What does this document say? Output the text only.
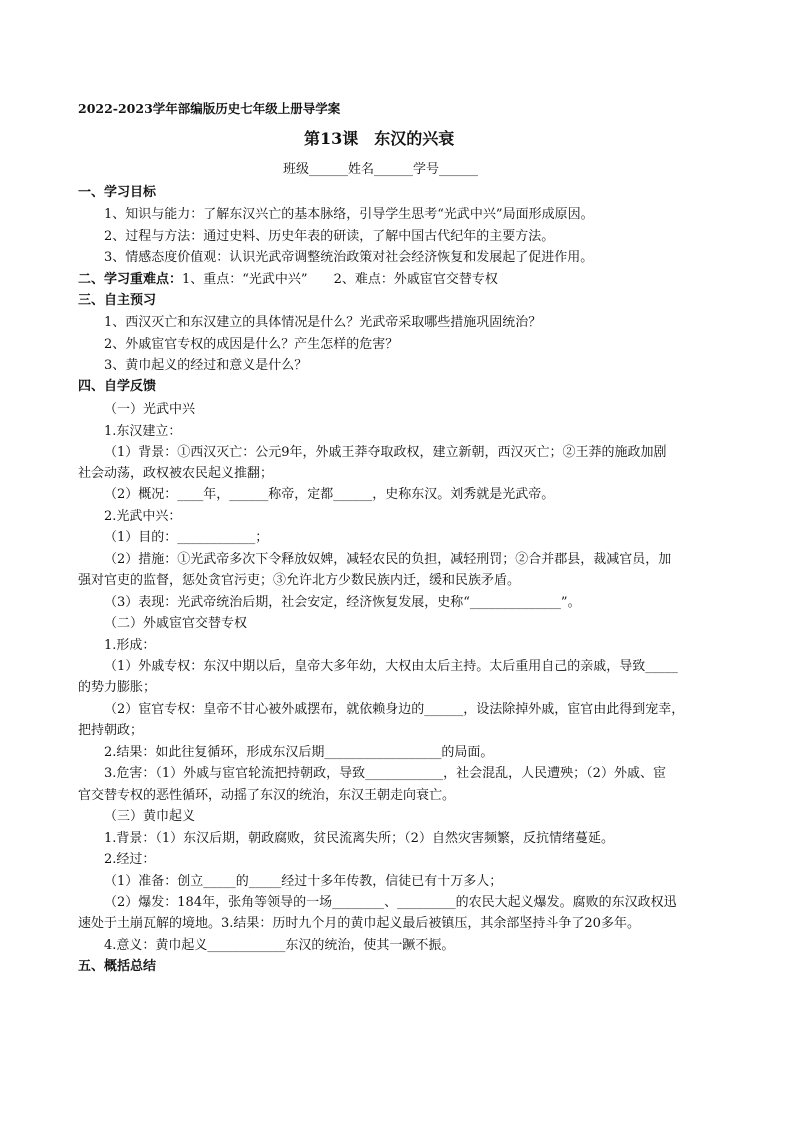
2022-2023学年部编版历史七年级上册导学案
第13课　东汉的兴衰
班级______姓名______学号______
一、学习目标
1、知识与能力：了解东汉兴亡的基本脉络，引导学生思考“光武中兴”局面形成原因。
2、过程与方法：通过史料、历史年表的研读，了解中国古代纪年的主要方法。
3、情感态度价值观：认识光武帝调整统治政策对社会经济恢复和发展起了促进作用。
二、学习重难点：1、重点：“光武中兴”　　2、难点：外戚宦官交替专权
三、自主预习
1、西汉灭亡和东汉建立的具体情况是什么？光武帝采取哪些措施巩固统治？
2、外戚宦官专权的成因是什么？产生怎样的危害？
3、黄巾起义的经过和意义是什么？
四、自学反馈
（一）光武中兴
1.东汉建立：
（1）背景：①西汉灭亡：公元9年，外戚王莽夺取政权，建立新朝，西汉灭亡；②王莽的施政加剧
社会动荡，政权被农民起义推翻；
（2）概况：____年，______称帝，定都______，史称东汉。刘秀就是光武帝。
2.光武中兴：
（1）目的：____________；
（2）措施：①光武帝多次下令释放奴婢，减轻农民的负担，减轻刑罚；②合并郡县，裁减官员，加
强对官吏的监督，惩处贪官污吏；③允许北方少数民族内迁，缓和民族矛盾。
（3）表现：光武帝统治后期，社会安定，经济恢复发展，史称“______________”。
（二）外戚宦官交替专权
1.形成：
（1）外戚专权：东汉中期以后，皇帝大多年幼，大权由太后主持。太后重用自己的亲戚，导致_____
的势力膨胀；
（2）宦官专权：皇帝不甘心被外戚摆布，就依赖身边的______，设法除掉外戚，宦官由此得到宠幸，
把持朝政；
2.结果：如此往复循环，形成东汉后期__________________的局面。
3.危害：（1）外戚与宦官轮流把持朝政，导致____________，社会混乱，人民遭殃；（2）外戚、宦
官交替专权的恶性循环，动摇了东汉的统治，东汉王朝走向衰亡。
（三）黄巾起义
1.背景：（1）东汉后期，朝政腐败，贫民流离失所；（2）自然灾害频繁，反抗情绪蔓延。
2.经过：
（1）准备：创立_____的_____经过十多年传教，信徒已有十万多人；
（2）爆发：184年，张角等领导的一场________、_________的农民大起义爆发。腐败的东汉政权迅
速处于土崩瓦解的境地。3.结果：历时九个月的黄巾起义最后被镇压，其余部坚持斗争了20多年。
4.意义：黄巾起义____________东汉的统治，使其一蹶不振。
五、概括总结
